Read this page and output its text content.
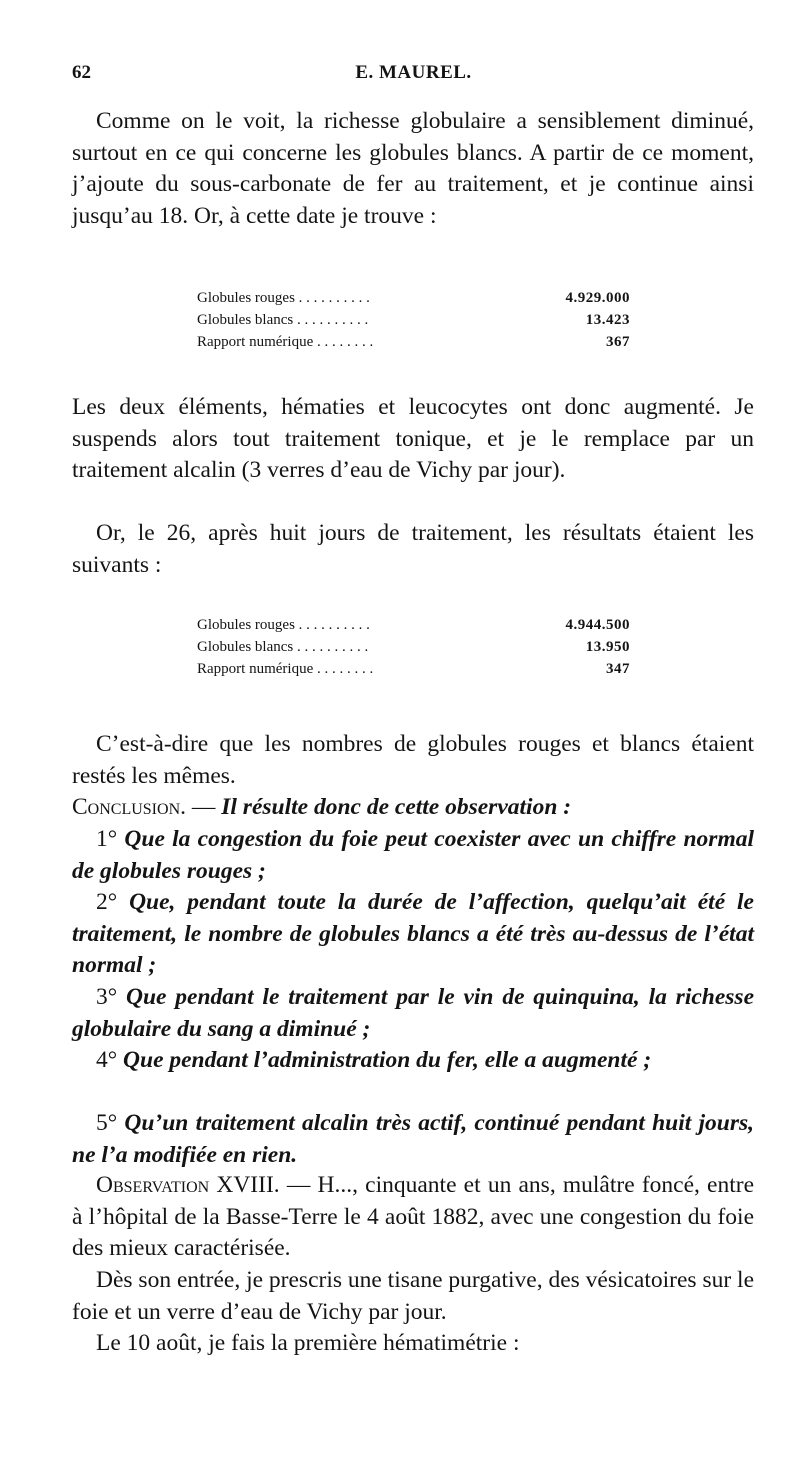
62	E. MAUREL.

Comme on le voit, la richesse globulaire a sensiblement diminué, surtout en ce qui concerne les globules blancs. A partir de ce moment, j’ajoute du sous-carbonate de fer au traitement, et je continue ainsi jusqu’au 18. Or, à cette date je trouve :

Globules rouges . . . . . . . . . .	4.929.000
Globules blancs . . . . . . . . . .	13.423
Rapport numérique . . . . . . . .	367

Les deux éléments, hématies et leucocytes ont donc augmenté. Je suspends alors tout traitement tonique, et je le remplace par un traitement alcalin (3 verres d’eau de Vichy par jour).

Or, le 26, après huit jours de traitement, les résultats étaient les suivants :

Globules rouges . . . . . . . . . .	4.944.500
Globules blancs . . . . . . . . . .	13.950
Rapport numérique . . . . . . . .	347

C’est-à-dire que les nombres de globules rouges et blancs étaient restés les mêmes.

Conclusion. — Il résulte donc de cette observation :

1° Que la congestion du foie peut coexister avec un chiffre normal de globules rouges ;

2° Que, pendant toute la durée de l’affection, quelqu’ait été le traitement, le nombre de globules blancs a été très au-dessus de l’état normal ;

3° Que pendant le traitement par le vin de quinquina, la richesse globulaire du sang a diminué ;

4° Que pendant l’administration du fer, elle a augmenté ;

5° Qu’un traitement alcalin très actif, continué pendant huit jours, ne l’a modifiée en rien.

Observation XVIII. — H..., cinquante et un ans, mulâtre foncé, entre à l’hôpital de la Basse-Terre le 4 août 1882, avec une congestion du foie des mieux caractérisée.

Dès son entrée, je prescris une tisane purgative, des vésicatoires sur le foie et un verre d’eau de Vichy par jour.

Le 10 août, je fais la première hématimétrie :
